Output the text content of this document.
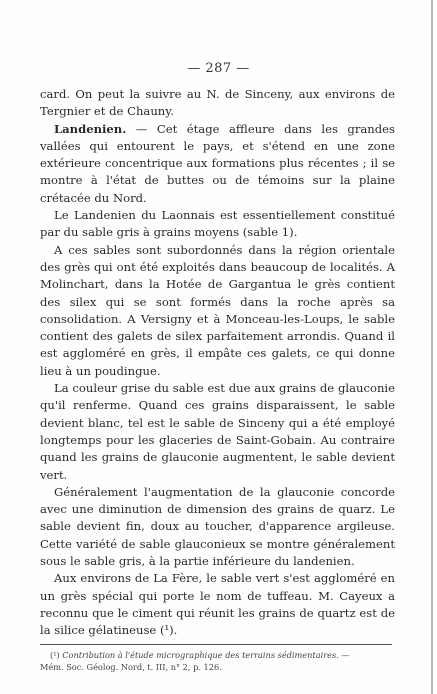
— 287 —

card. On peut la suivre au N. de Sinceny, aux environs de Tergnier et de Chauny.

Landenien. — Cet étage affleure dans les grandes vallées qui entourent le pays, et s'étend en une zone extérieure concentrique aux formations plus récentes ; il se montre à l'état de buttes ou de témoins sur la plaine crétacée du Nord.

Le Landenien du Laonnais est essentiellement constitué par du sable gris à grains moyens (sable 1).

A ces sables sont subordonnés dans la région orientale des grès qui ont été exploités dans beaucoup de localités. A Molinchart, dans la Hotée de Gargantua le grès contient des silex qui se sont formés dans la roche après sa consolidation. A Versigny et à Monceau-les-Loups, le sable contient des galets de silex parfaitement arrondis. Quand il est aggloméré en grès, il empâte ces galets, ce qui donne lieu à un poudingue.

La couleur grise du sable est due aux grains de glauconie qu'il renferme. Quand ces grains disparaissent, le sable devient blanc, tel est le sable de Sinceny qui a été employé longtemps pour les glaceries de Saint-Gobain. Au contraire quand les grains de glauconie augmentent, le sable devient vert.

Généralement l'augmentation de la glauconie concorde avec une diminution de dimension des grains de quarz. Le sable devient fin, doux au toucher, d'apparence argileuse. Cette variété de sable glauconieux se montre généralement sous le sable gris, à la partie inférieure du landenien.

Aux environs de La Fère, le sable vert s'est aggloméré en un grès spécial qui porte le nom de tuffeau. M. Cayeux a reconnu que le ciment qui réunit les grains de quartz est de la silice gélatineuse (¹).

(¹) Contribution à l'étude micrographique des terrains sédimentaires. —
Mém. Soc. Géolog. Nord, t. III, n° 2, p. 126.
